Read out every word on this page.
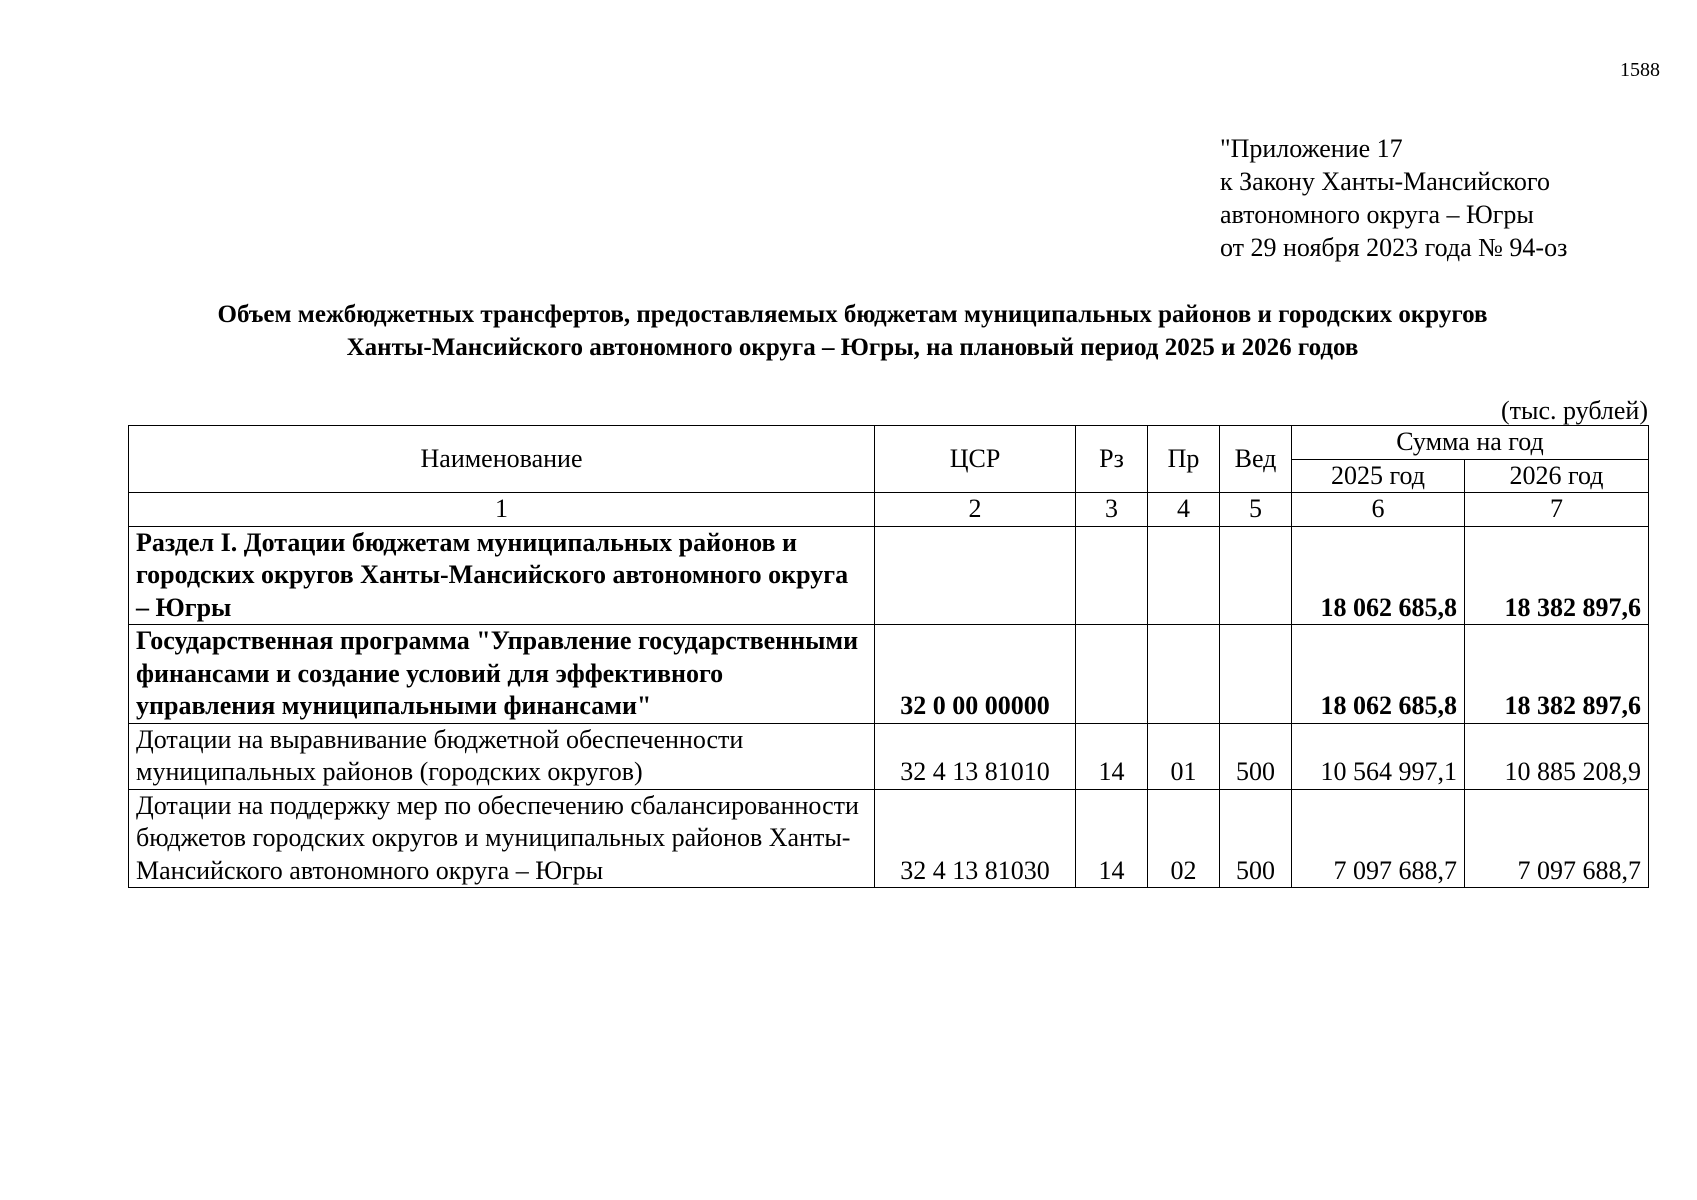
1588
"Приложение 17
к Закону Ханты-Мансийского
автономного округа – Югры
от 29 ноября 2023 года № 94-оз
Объем межбюджетных трансфертов, предоставляемых бюджетам муниципальных районов и городских округов
Ханты-Мансийского автономного округа – Югры, на плановый период 2025 и 2026 годов
(тыс. рублей)
Наименование	ЦСР	Рз	Пр	Вед	Сумма на год	
					2025 год	2026 год
1	2	3	4	5	6	7
Раздел I. Дотации бюджетам муниципальных районов и городских округов Ханты-Мансийского автономного округа – Югры					18 062 685,8	18 382 897,6
Государственная программа "Управление государственными финансами и создание условий для эффективного управления муниципальными финансами"	32 0 00 00000				18 062 685,8	18 382 897,6
Дотации на выравнивание бюджетной обеспеченности муниципальных районов (городских округов)	32 4 13 81010	14	01	500	10 564 997,1	10 885 208,9
Дотации на поддержку мер по обеспечению сбалансированности бюджетов городских округов и муниципальных районов Ханты-Мансийского автономного округа – Югры	32 4 13 81030	14	02	500	7 097 688,7	7 097 688,7
